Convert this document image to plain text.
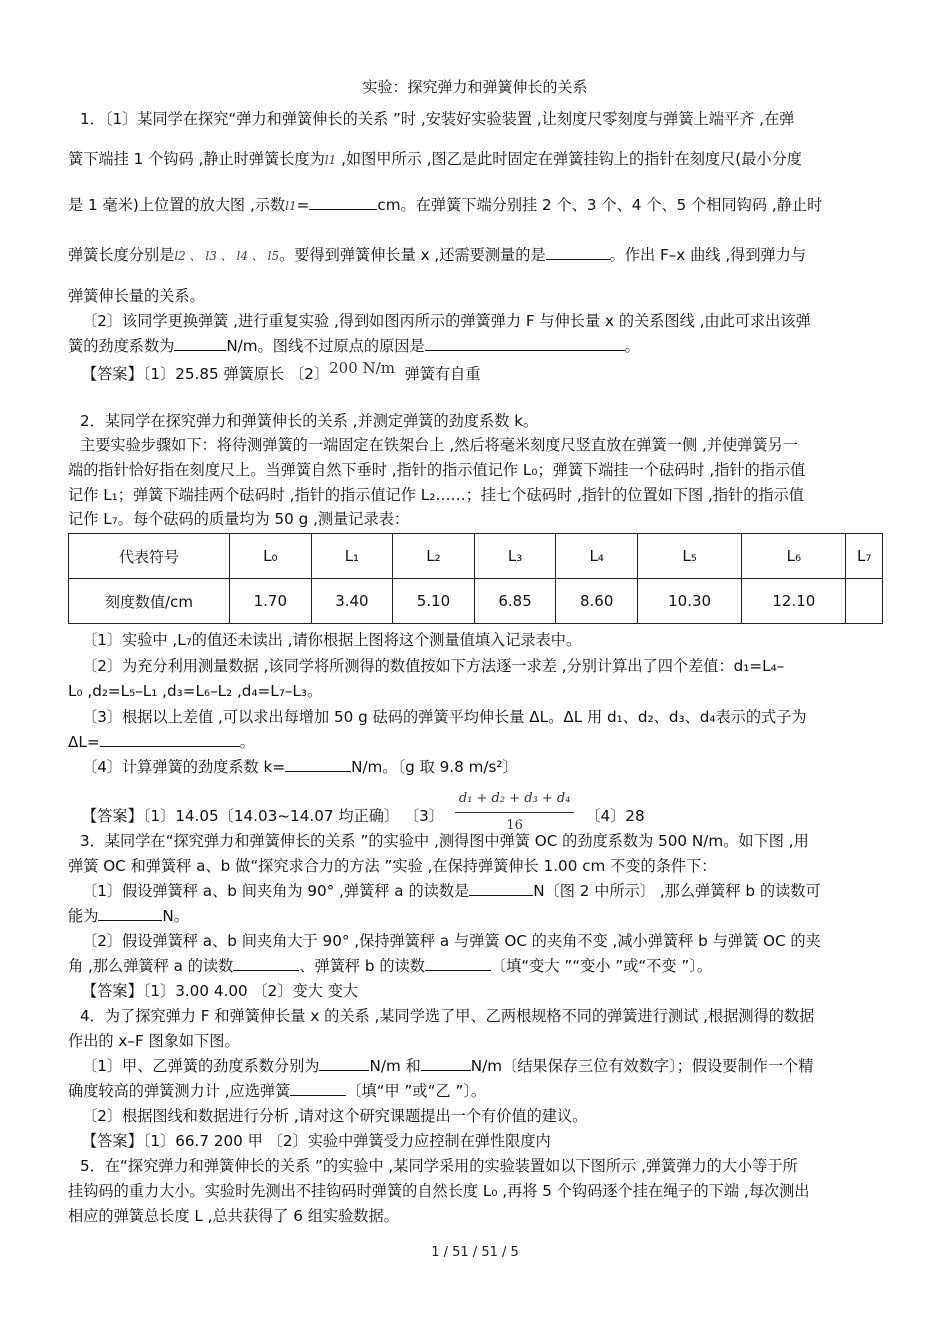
实验：探究弹力和弹簧伸长的关系
1．〔1〕某同学在探究“弹力和弹簧伸长的关系 ”时 ,安装好实验装置 ,让刻度尺零刻度与弹簧上端平齐 ,在弹
簧下端挂 1 个钩码 ,静止时弹簧长度为l1 ,如图甲所示 ,图乙是此时固定在弹簧挂钩上的指针在刻度尺(最小分度
是 1 毫米)上位置的放大图 ,示数l1=	cm。在弹簧下端分别挂 2 个、3 个、4 个、5 个相同钩码 ,静止时
弹簧长度分别是l2 、 l3 、 l4 、 l5。要得到弹簧伸长量 x ,还需要测量的是	。作出 F–x 曲线 ,得到弹力与
弹簧伸长量的关系。
〔2〕该同学更换弹簧 ,进行重复实验 ,得到如图丙所示的弹簧弹力 F 与伸长量 x 的关系图线 ,由此可求出该弹
簧的劲度系数为	N/m。图线不过原点的原因是	。
【答案】〔1〕25.85 弹簧原长 〔2〕200 N/m 弹簧有自重
2．某同学在探究弹力和弹簧伸长的关系 ,并测定弹簧的劲度系数 k。
主要实验步骤如下：将待测弹簧的一端固定在铁架台上 ,然后将毫米刻度尺竖直放在弹簧一侧 ,并使弹簧另一
端的指针恰好指在刻度尺上。当弹簧自然下垂时 ,指针的指示值记作 L₀；弹簧下端挂一个砝码时 ,指针的指示值
记作 L₁；弹簧下端挂两个砝码时 ,指针的指示值记作 L₂……；挂七个砝码时 ,指针的位置如下图 ,指针的指示值
记作 L₇。每个砝码的质量均为 50 g ,测量记录表：
代表符号	L₀	L₁	L₂	L₃	L₄	L₅	L₆	L₇
刻度数值/cm	1.70	3.40	5.10	6.85	8.60	10.30	12.10	
〔1〕实验中 ,L₇的值还未读出 ,请你根据上图将这个测量值填入记录表中。
〔2〕为充分利用测量数据 ,该同学将所测得的数值按如下方法逐一求差 ,分别计算出了四个差值：d₁=L₄–
L₀ ,d₂=L₅–L₁ ,d₃=L₆–L₂ ,d₄=L₇–L₃。
〔3〕根据以上差值 ,可以求出每增加 50 g 砝码的弹簧平均伸长量 ΔL。ΔL 用 d₁、d₂、d₃、d₄表示的式子为
ΔL=	。
〔4〕计算弹簧的劲度系数 k=	N/m。〔g 取 9.8 m/s²〕
【答案】〔1〕14.05〔14.03~14.07 均正确〕 〔3〕 $\frac{\text{d₁ + d₂ + d₃ + d₄}}{16}$ 〔4〕28
3．某同学在“探究弹力和弹簧伸长的关系 ”的实验中 ,测得图中弹簧 OC 的劲度系数为 500 N/m。如下图 ,用
弹簧 OC 和弹簧秤 a、b 做“探究求合力的方法 ”实验 ,在保持弹簧伸长 1.00 cm 不变的条件下：
〔1〕假设弹簧秤 a、b 间夹角为 90° ,弹簧秤 a 的读数是	N〔图 2 中所示〕 ,那么弹簧秤 b 的读数可
能为	N。
〔2〕假设弹簧秤 a、b 间夹角大于 90° ,保持弹簧秤 a 与弹簧 OC 的夹角不变 ,减小弹簧秤 b 与弹簧 OC 的夹
角 ,那么弹簧秤 a 的读数	、弹簧秤 b 的读数	〔填“变大 ”“变小 ”或“不变 ”〕。
【答案】〔1〕3.00 4.00 〔2〕变大 变大
4．为了探究弹力 F 和弹簧伸长量 x 的关系 ,某同学选了甲、乙两根规格不同的弹簧进行测试 ,根据测得的数据
作出的 x–F 图象如下图。
〔1〕甲、乙弹簧的劲度系数分别为	N/m 和	N/m〔结果保存三位有效数字〕；假设要制作一个精
确度较高的弹簧测力计 ,应选弹簧	〔填“甲 ”或“乙 ”〕。
〔2〕根据图线和数据进行分析 ,请对这个研究课题提出一个有价值的建议。
【答案】〔1〕66.7 200 甲 〔2〕实验中弹簧受力应控制在弹性限度内
5．在“探究弹力和弹簧伸长的关系 ”的实验中 ,某同学采用的实验装置如以下图所示 ,弹簧弹力的大小等于所
挂钩码的重力大小。实验时先测出不挂钩码时弹簧的自然长度 L₀ ,再将 5 个钩码逐个挂在绳子的下端 ,每次测出
相应的弹簧总长度 L ,总共获得了 6 组实验数据。
1 / 51 / 51 / 5
